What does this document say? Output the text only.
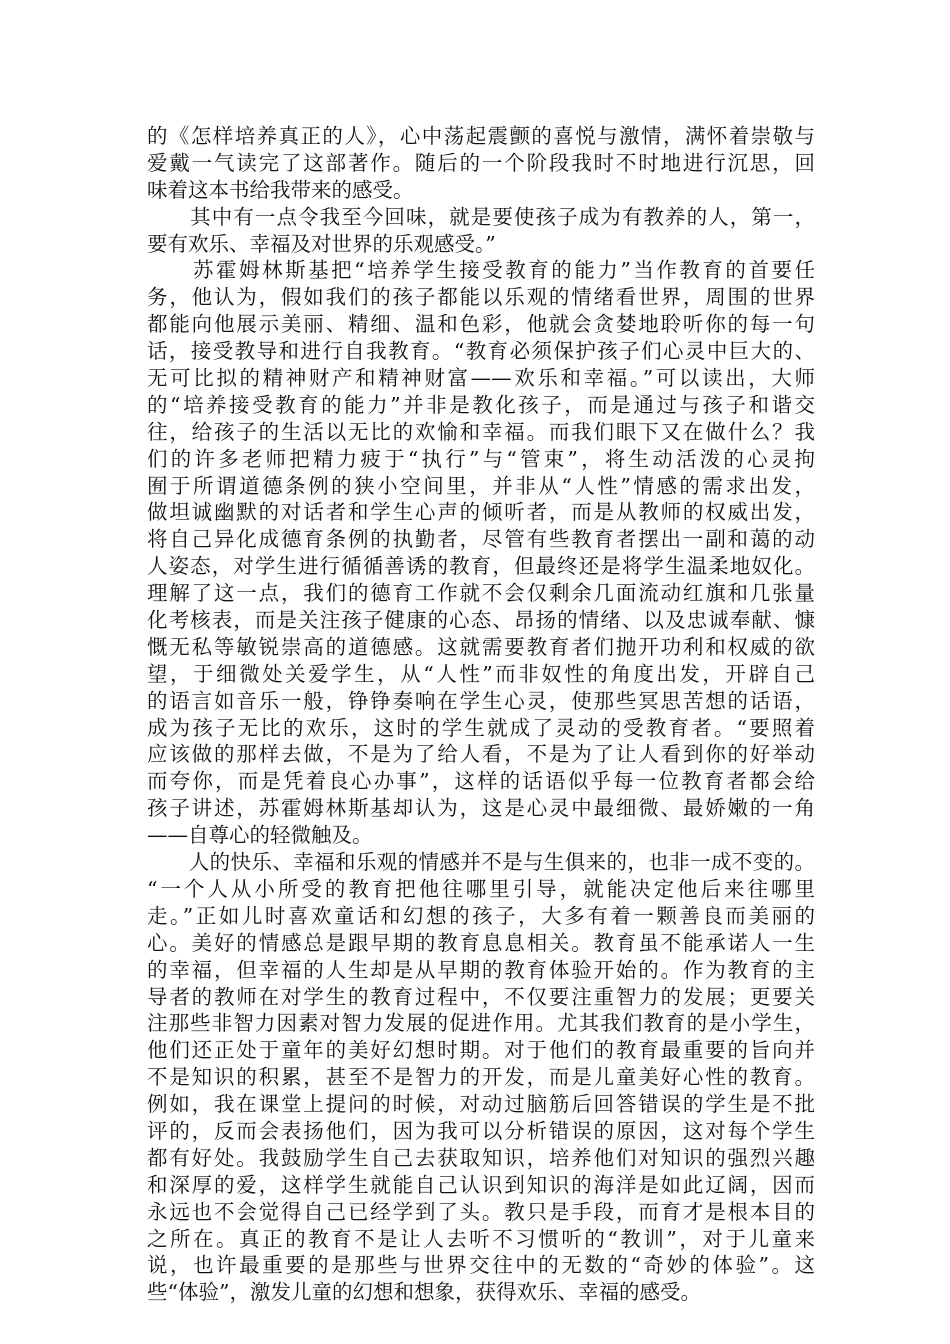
的《怎样培养真正的人》，心中荡起震颤的喜悦与激情，满怀着崇敬与
爱戴一气读完了这部著作。随后的一个阶段我时不时地进行沉思，回
味着这本书给我带来的感受。
　　其中有一点令我至今回味，就是要使孩子成为有教养的人，第一，
要有欢乐、幸福及对世界的乐观感受。”
　　苏霍姆林斯基把“培养学生接受教育的能力”当作教育的首要任
务，他认为，假如我们的孩子都能以乐观的情绪看世界，周围的世界
都能向他展示美丽、精细、温和色彩，他就会贪婪地聆听你的每一句
话，接受教导和进行自我教育。“教育必须保护孩子们心灵中巨大的、
无可比拟的精神财产和精神财富——欢乐和幸福。”可以读出，大师
的“培养接受教育的能力”并非是教化孩子，而是通过与孩子和谐交
往，给孩子的生活以无比的欢愉和幸福。而我们眼下又在做什么？我
们的许多老师把精力疲于“执行”与“管束”，将生动活泼的心灵拘
囿于所谓道德条例的狭小空间里，并非从“人性”情感的需求出发，
做坦诚幽默的对话者和学生心声的倾听者，而是从教师的权威出发，
将自己异化成德育条例的执勤者，尽管有些教育者摆出一副和蔼的动
人姿态，对学生进行循循善诱的教育，但最终还是将学生温柔地奴化。
理解了这一点，我们的德育工作就不会仅剩余几面流动红旗和几张量
化考核表，而是关注孩子健康的心态、昂扬的情绪、以及忠诚奉献、慷
慨无私等敏锐崇高的道德感。这就需要教育者们抛开功利和权威的欲
望，于细微处关爱学生，从“人性”而非奴性的角度出发，开辟自己
的语言如音乐一般，铮铮奏响在学生心灵，使那些冥思苦想的话语，
成为孩子无比的欢乐，这时的学生就成了灵动的受教育者。“要照着
应该做的那样去做，不是为了给人看，不是为了让人看到你的好举动
而夸你，而是凭着良心办事”，这样的话语似乎每一位教育者都会给
孩子讲述，苏霍姆林斯基却认为，这是心灵中最细微、最娇嫩的一角
——自尊心的轻微触及。
　　人的快乐、幸福和乐观的情感并不是与生俱来的，也非一成不变的。
“一个人从小所受的教育把他往哪里引导，就能决定他后来往哪里
走。”正如儿时喜欢童话和幻想的孩子，大多有着一颗善良而美丽的
心。美好的情感总是跟早期的教育息息相关。教育虽不能承诺人一生
的幸福，但幸福的人生却是从早期的教育体验开始的。作为教育的主
导者的教师在对学生的教育过程中，不仅要注重智力的发展；更要关
注那些非智力因素对智力发展的促进作用。尤其我们教育的是小学生，
他们还正处于童年的美好幻想时期。对于他们的教育最重要的旨向并
不是知识的积累，甚至不是智力的开发，而是儿童美好心性的教育。
例如，我在课堂上提问的时候，对动过脑筋后回答错误的学生是不批
评的，反而会表扬他们，因为我可以分析错误的原因，这对每个学生
都有好处。我鼓励学生自己去获取知识，培养他们对知识的强烈兴趣
和深厚的爱，这样学生就能自己认识到知识的海洋是如此辽阔，因而
永远也不会觉得自己已经学到了头。教只是手段，而育才是根本目的
之所在。真正的教育不是让人去听不习惯听的“教训”，对于儿童来
说，也许最重要的是那些与世界交往中的无数的“奇妙的体验”。这
些“体验”，激发儿童的幻想和想象，获得欢乐、幸福的感受。
